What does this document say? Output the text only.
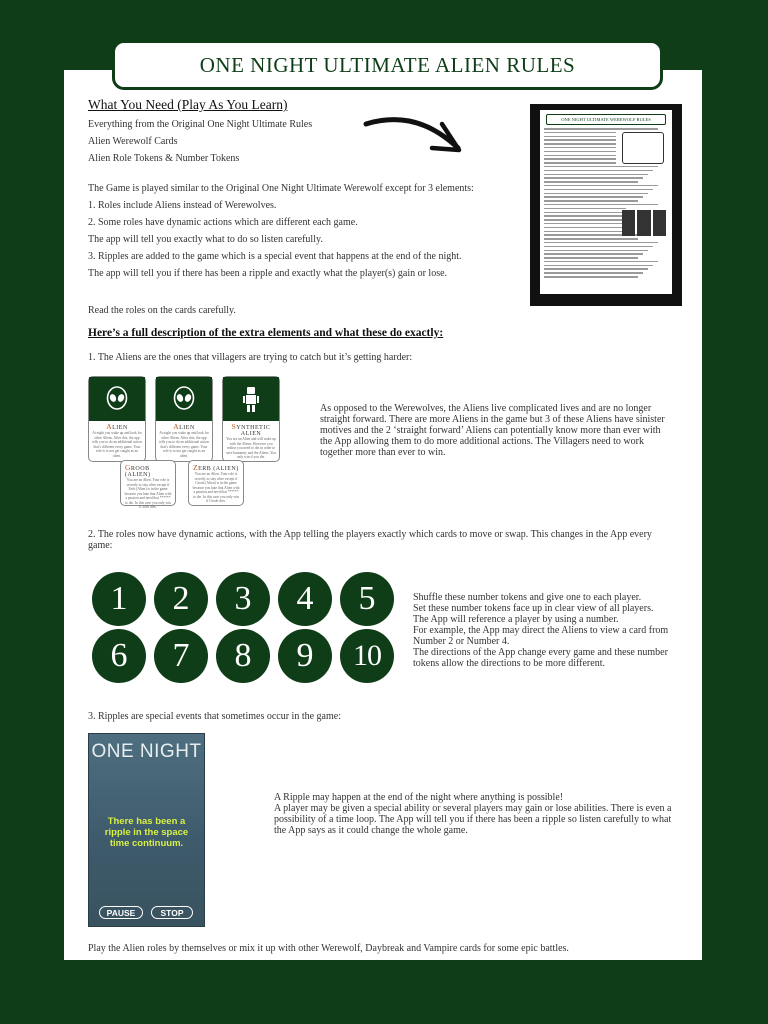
ONE NIGHT ULTIMATE ALIEN RULES
What You Need (Play As You Learn)
Everything from the Original One Night Ultimate Rules
Alien Werewolf Cards
Alien Role Tokens & Number Tokens
ONE NIGHT ULTIMATE WEREWOLF RULES
The Game is played similar to the Original One Night Ultimate Werewolf except for 3 elements:
1. Roles include Aliens instead of Werewolves.
2. Some roles have dynamic actions which are different each game.
The app will tell you exactly what to do so listen carefully.
3. Ripples are added to the game which is a special event that happens at the end of the night.
The app will tell you if there has been a ripple and exactly what the player(s) gain or lose.
Read the roles on the cards carefully.
Here’s a full description of the extra elements and what these do exactly:
1. The Aliens are the ones that villagers are trying to catch but it’s getting harder:
ALIEN
At night you wake up and look for other Aliens. After this, the app tells you to do an additional action that's different every game. Your role is to not get caught as an alien.
ALIEN
At night you wake up and look for other Aliens. After this, the app tells you to do an additional action that's different every game. Your role is to not get caught as an alien.
SYNTHETIC ALIEN
You are an Alien and will wake up with the Aliens. However you realise you need to die in order to save humanity and the Aliens. You only win if you die.
GROOB (ALIEN)
You are an Alien. Your role is secretly to stay alive except if Zerb (Alien) is in the game because you hate that Alien with a passion and need that ****** to die. In this case you only win if Zerb dies.
ZERB (ALIEN)
You are an Alien. Your role is secretly to stay alive except if Groob (Alien) is in the game because you hate that Alien with a passion and need that ****** to die. In this case you only win if Groob dies.
As opposed to the Werewolves, the Aliens live complicated lives and are no longer straight forward. There are more Aliens in the game but 3 of these Aliens have sinister motives and the 2 ‘straight forward’ Aliens can potentially know more than ever with the App allowing them to do more additional actions. The Villagers need to work together more than ever to win.
2. The roles now have dynamic actions, with the App telling the players exactly which cards to move or swap. This changes in the App every game:
1	2	3	4	5
6	7	8	9	10
Shuffle these number tokens and give one to each player.
Set these number tokens face up in clear view of all players.
The App will reference a player by using a number.
For example, the App may direct the Aliens to view a card from Number 2 or Number 4.
The directions of the App change every game and these number tokens allow the directions to be more different.
3. Ripples are special events that sometimes occur in the game:
ONE NIGHT
There has been a ripple in the space time continuum.
PAUSE	STOP
A Ripple may happen at the end of the night where anything is possible!
A player may be given a special ability or several players may gain or lose abilities. There is even a possibility of a time loop. The App will tell you if there has been a ripple so listen carefully to what the App says as it could change the whole game.
Play the Alien roles by themselves or mix it up with other Werewolf, Daybreak and Vampire cards for some epic battles.
